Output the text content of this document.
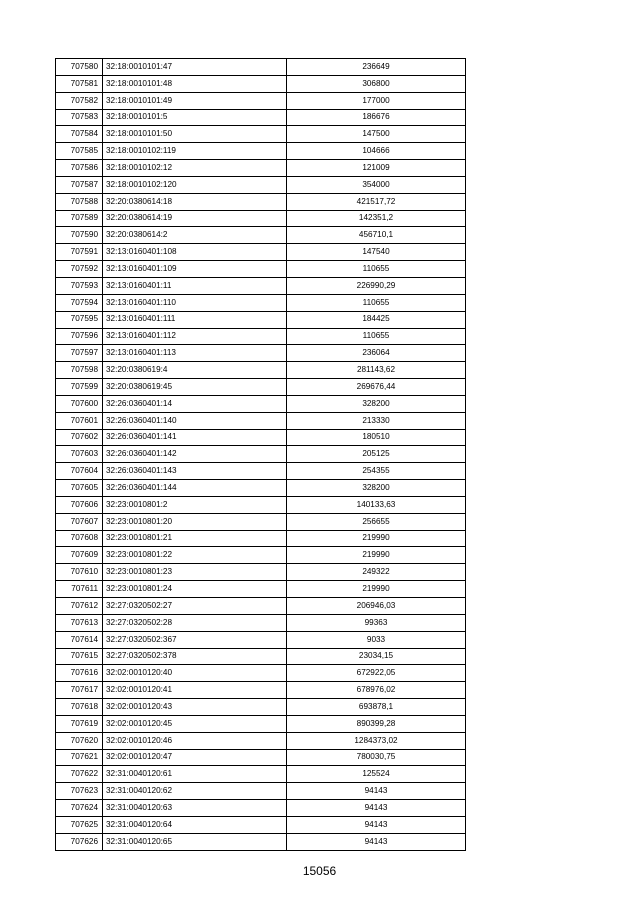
707580	32:18:0010101:47	236649
707581	32:18:0010101:48	306800
707582	32:18:0010101:49	177000
707583	32:18:0010101:5	186676
707584	32:18:0010101:50	147500
707585	32:18:0010102:119	104666
707586	32:18:0010102:12	121009
707587	32:18:0010102:120	354000
707588	32:20:0380614:18	421517,72
707589	32:20:0380614:19	142351,2
707590	32:20:0380614:2	456710,1
707591	32:13:0160401:108	147540
707592	32:13:0160401:109	110655
707593	32:13:0160401:11	226990,29
707594	32:13:0160401:110	110655
707595	32:13:0160401:111	184425
707596	32:13:0160401:112	110655
707597	32:13:0160401:113	236064
707598	32:20:0380619:4	281143,62
707599	32:20:0380619:45	269676,44
707600	32:26:0360401:14	328200
707601	32:26:0360401:140	213330
707602	32:26:0360401:141	180510
707603	32:26:0360401:142	205125
707604	32:26:0360401:143	254355
707605	32:26:0360401:144	328200
707606	32:23:0010801:2	140133,63
707607	32:23:0010801:20	256655
707608	32:23:0010801:21	219990
707609	32:23:0010801:22	219990
707610	32:23:0010801:23	249322
707611	32:23:0010801:24	219990
707612	32:27:0320502:27	206946,03
707613	32:27:0320502:28	99363
707614	32:27:0320502:367	9033
707615	32:27:0320502:378	23034,15
707616	32:02:0010120:40	672922,05
707617	32:02:0010120:41	678976,02
707618	32:02:0010120:43	693878,1
707619	32:02:0010120:45	890399,28
707620	32:02:0010120:46	1284373,02
707621	32:02:0010120:47	780030,75
707622	32:31:0040120:61	125524
707623	32:31:0040120:62	94143
707624	32:31:0040120:63	94143
707625	32:31:0040120:64	94143
707626	32:31:0040120:65	94143
15056
